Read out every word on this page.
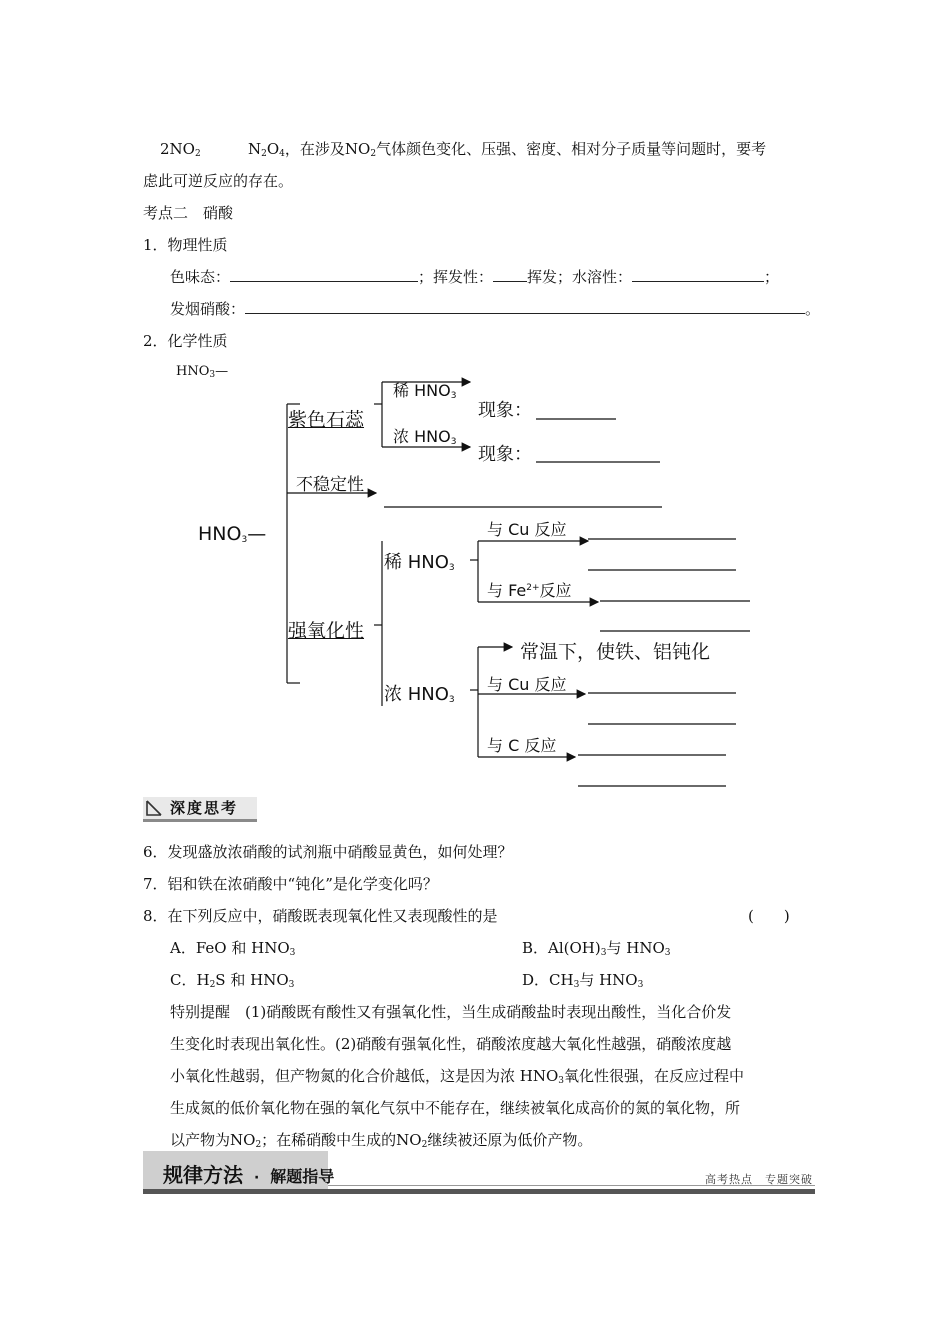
$2NO_2$	$N_2O_4$，在涉及$NO_2$气体颜色变化、压强、密度、相对分子质量等问题时，要考
虑此可逆反应的存在。
考点二　硝酸
1．物理性质
色味态：	；挥发性： 挥发；水溶性：	；
发烟硝酸：	。
2．化学性质
$HNO_3—$
$HNO_3—$
紫色石蕊
稀 $HNO_3$
浓 $HNO_3$
现象：
现象：
不稳定性
稀 $HNO_3$
与 Cu 反应
与 $Fe^{2+}$反应
强氧化性
浓 $HNO_3$
常温下，使铁、铝钝化
与 Cu 反应
与 C 反应
深度思考
6．发现盛放浓硝酸的试剂瓶中硝酸显黄色，如何处理？
7．铝和铁在浓硝酸中“钝化”是化学变化吗？
8．在下列反应中，硝酸既表现氧化性又表现酸性的是	(　　)
A．FeO 和 $HNO_3$	B．$Al(OH)_3$与 $HNO_3$
C．$H_2S$ 和 $HNO_3$	D．$CH_3$与 $HNO_3$
特别提醒　(1)硝酸既有酸性又有强氧化性，当生成硝酸盐时表现出酸性，当化合价发
生变化时表现出氧化性。(2)硝酸有强氧化性，硝酸浓度越大氧化性越强，硝酸浓度越
小氧化性越弱，但产物氮的化合价越低，这是因为浓 $HNO_3$氧化性很强，在反应过程中
生成氮的低价氧化物在强的氧化气氛中不能存在，继续被氧化成高价的氮的氧化物，所
以产物为$NO_2$；在稀硝酸中生成的$NO_2$继续被还原为低价产物。
规律方法 · 解题指导	高考热点　专题突破
